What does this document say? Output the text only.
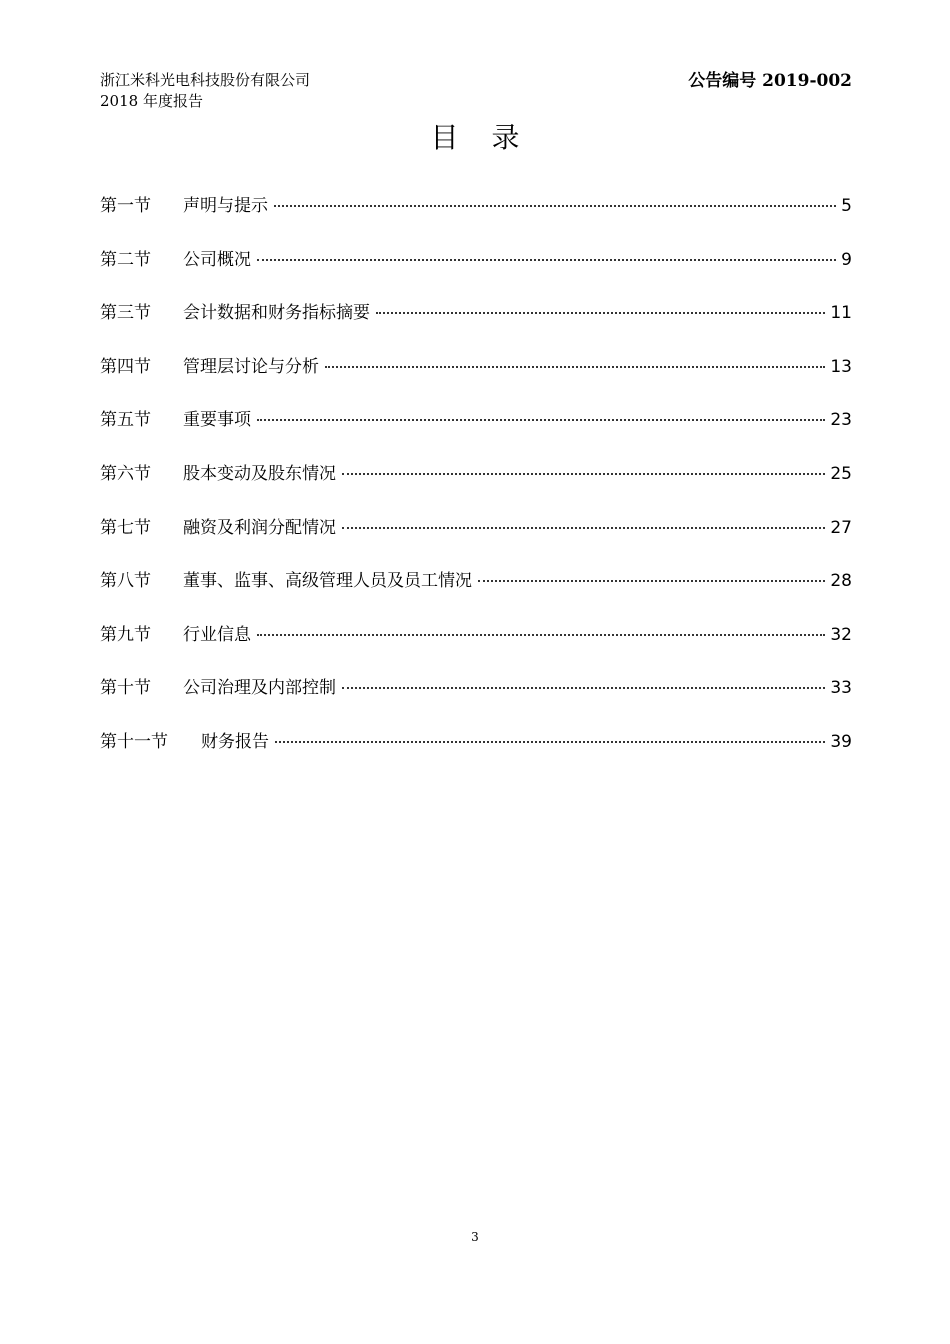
浙江米科光电科技股份有限公司
2018 年度报告
公告编号 2019-002
目 录
第一节	声明与提示	5
第二节	公司概况	9
第三节	会计数据和财务指标摘要	11
第四节	管理层讨论与分析	13
第五节	重要事项	23
第六节	股本变动及股东情况	25
第七节	融资及利润分配情况	27
第八节	董事、监事、高级管理人员及员工情况	28
第九节	行业信息	32
第十节	公司治理及内部控制	33
第十一节	财务报告	39
3
